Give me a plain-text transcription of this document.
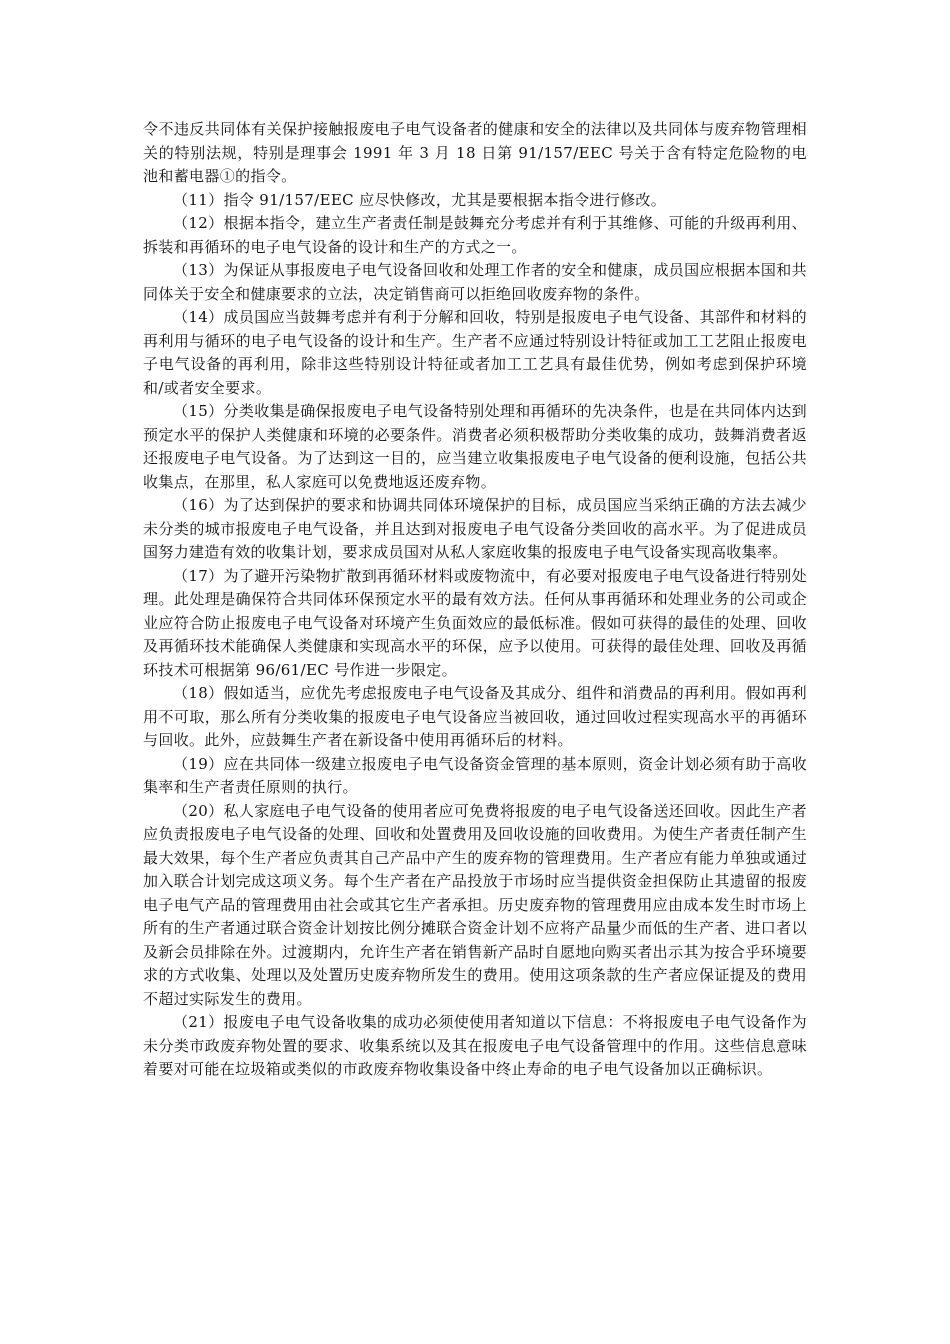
令不违反共同体有关保护接触报废电子电气设备者的健康和安全的法律以及共同体与废弃物管理相关的特别法规，特别是理事会 1991 年 3 月 18 日第 91/157/EEC 号关于含有特定危险物的电池和蓄电器①的指令。

（11）指令 91/157/EEC 应尽快修改，尤其是要根据本指令进行修改。

（12）根据本指令，建立生产者责任制是鼓舞充分考虑并有利于其维修、可能的升级再利用、拆装和再循环的电子电气设备的设计和生产的方式之一。

（13）为保证从事报废电子电气设备回收和处理工作者的安全和健康，成员国应根据本国和共同体关于安全和健康要求的立法，决定销售商可以拒绝回收废弃物的条件。

（14）成员国应当鼓舞考虑并有利于分解和回收，特别是报废电子电气设备、其部件和材料的再利用与循环的电子电气设备的设计和生产。生产者不应通过特别设计特征或加工工艺阻止报废电子电气设备的再利用，除非这些特别设计特征或者加工工艺具有最佳优势，例如考虑到保护环境和/或者安全要求。

（15）分类收集是确保报废电子电气设备特别处理和再循环的先决条件，也是在共同体内达到预定水平的保护人类健康和环境的必要条件。消费者必须积极帮助分类收集的成功，鼓舞消费者返还报废电子电气设备。为了达到这一目的，应当建立收集报废电子电气设备的便利设施，包括公共收集点，在那里，私人家庭可以免费地返还废弃物。

（16）为了达到保护的要求和协调共同体环境保护的目标，成员国应当采纳正确的方法去减少未分类的城市报废电子电气设备，并且达到对报废电子电气设备分类回收的高水平。为了促进成员国努力建造有效的收集计划，要求成员国对从私人家庭收集的报废电子电气设备实现高收集率。

（17）为了避开污染物扩散到再循环材料或废物流中，有必要对报废电子电气设备进行特别处理。此处理是确保符合共同体环保预定水平的最有效方法。任何从事再循环和处理业务的公司或企业应符合防止报废电子电气设备对环境产生负面效应的最低标准。假如可获得的最佳的处理、回收及再循环技术能确保人类健康和实现高水平的环保，应予以使用。可获得的最佳处理、回收及再循环技术可根据第 96/61/EC 号作进一步限定。

（18）假如适当，应优先考虑报废电子电气设备及其成分、组件和消费品的再利用。假如再利用不可取，那么所有分类收集的报废电子电气设备应当被回收，通过回收过程实现高水平的再循环与回收。此外，应鼓舞生产者在新设备中使用再循环后的材料。

（19）应在共同体一级建立报废电子电气设备资金管理的基本原则，资金计划必须有助于高收集率和生产者责任原则的执行。

（20）私人家庭电子电气设备的使用者应可免费将报废的电子电气设备送还回收。因此生产者应负责报废电子电气设备的处理、回收和处置费用及回收设施的回收费用。为使生产者责任制产生最大效果，每个生产者应负责其自己产品中产生的废弃物的管理费用。生产者应有能力单独或通过加入联合计划完成这项义务。每个生产者在产品投放于市场时应当提供资金担保防止其遗留的报废电子电气产品的管理费用由社会或其它生产者承担。历史废弃物的管理费用应由成本发生时市场上所有的生产者通过联合资金计划按比例分摊联合资金计划不应将产品量少而低的生产者、进口者以及新会员排除在外。过渡期内，允许生产者在销售新产品时自愿地向购买者出示其为按合乎环境要求的方式收集、处理以及处置历史废弃物所发生的费用。使用这项条款的生产者应保证提及的费用不超过实际发生的费用。

（21）报废电子电气设备收集的成功必须使使用者知道以下信息：不将报废电子电气设备作为未分类市政废弃物处置的要求、收集系统以及其在报废电子电气设备管理中的作用。这些信息意味着要对可能在垃圾箱或类似的市政废弃物收集设备中终止寿命的电子电气设备加以正确标识。
